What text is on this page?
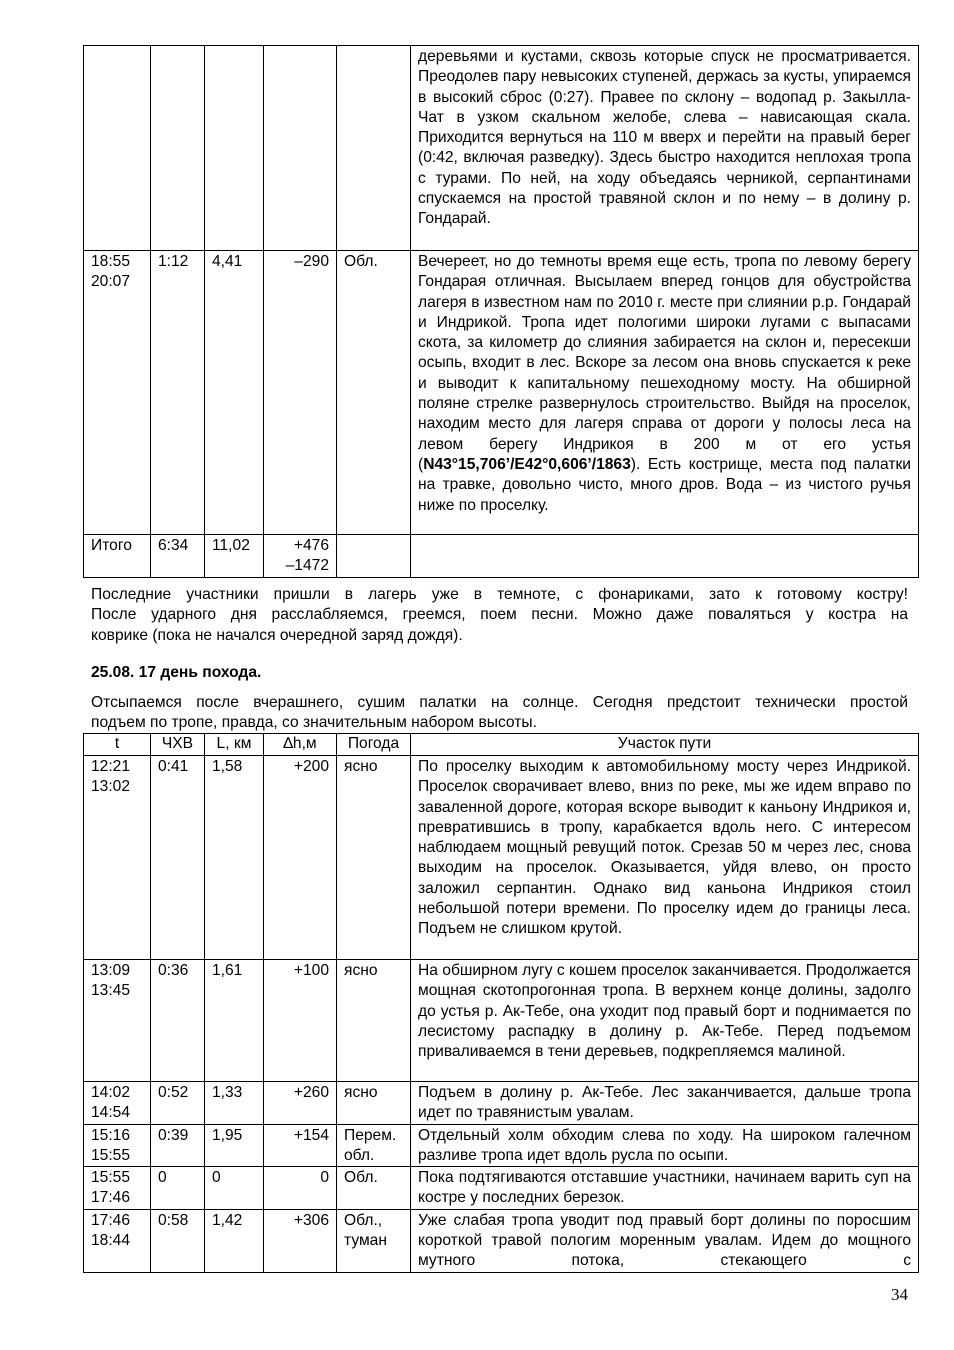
					деревьями и кустами, сквозь которые спуск не просматривается. Преодолев пару невысоких ступеней, держась за кусты, упираемся в высокий сброс (0:27). Правее по склону – водопад р. Закылла-Чат в узком скальном желобе, слева – нависающая скала. Приходится вернуться на 110 м вверх и перейти на правый берег (0:42, включая разведку). Здесь быстро находится неплохая тропа с турами. По ней, на ходу объедаясь черникой, серпантинами спускаемся на простой травяной склон и по нему – в долину р. Гондарай.
18:55
20:07	1:12	4,41	–290	Обл.	Вечереет, но до темноты время еще есть, тропа по левому берегу Гондарая отличная. Высылаем вперед гонцов для обустройства лагеря в известном нам по 2010 г. месте при слиянии р.р. Гондарай и Индрикой. Тропа идет пологими широки лугами с выпасами скота, за километр до слияния забирается на склон и, пересекши осыпь, входит в лес. Вскоре за лесом она вновь спускается к реке и выводит к капитальному пешеходному мосту. На обширной поляне стрелке развернулось строительство. Выйдя на проселок, находим место для лагеря справа от дороги у полосы леса на левом берегу Индрикоя в 200 м от его устья (N43°15,706’/E42°0,606’/1863). Есть кострище, места под палатки на травке, довольно чисто, много дров. Вода – из чистого ручья ниже по проселку.
Итого	6:34	11,02	+476
–1472		
Последние участники пришли в лагерь уже в темноте, с фонариками, зато к готовому костру!
После ударного дня расслабляемся, греемся, поем песни. Можно даже поваляться у костра на
коврике (пока не начался очередной заряд дождя).
25.08. 17 день похода.
Отсыпаемся после вчерашнего, сушим палатки на солнце. Сегодня предстоит технически простой
подъем по тропе, правда, со значительным набором высоты.
t	ЧХВ	L, км	∆h,м	Погода	Участок пути
12:21
13:02	0:41	1,58	+200	ясно	По проселку выходим к автомобильному мосту через Индрикой. Проселок сворачивает влево, вниз по реке, мы же идем вправо по заваленной дороге, которая вскоре выводит к каньону Индрикоя и, превратившись в тропу, карабкается вдоль него. С интересом наблюдаем мощный ревущий поток. Срезав 50 м через лес, снова выходим на проселок. Оказывается, уйдя влево, он просто заложил серпантин. Однако вид каньона Индрикоя стоил небольшой потери времени. По проселку идем до границы леса. Подъем не слишком крутой.
13:09
13:45	0:36	1,61	+100	ясно	На обширном лугу с кошем проселок заканчивается. Продолжается мощная скотопрогонная тропа. В верхнем конце долины, задолго до устья р. Ак-Тебе, она уходит под правый борт и поднимается по лесистому распадку в долину р. Ак-Тебе. Перед подъемом приваливаемся в тени деревьев, подкрепляемся малиной.
14:02
14:54	0:52	1,33	+260	ясно	Подъем в долину р. Ак-Тебе. Лес заканчивается, дальше тропа идет по травянистым увалам.
15:16
15:55	0:39	1,95	+154	Перем.
обл.	Отдельный холм обходим слева по ходу. На широком галечном разливе тропа идет вдоль русла по осыпи.
15:55
17:46	0	0	0	Обл.	Пока подтягиваются отставшие участники, начинаем варить суп на костре у последних березок.
17:46
18:44	0:58	1,42	+306	Обл.,
туман	Уже слабая тропа уводит под правый борт долины по поросшим короткой травой пологим моренным увалам. Идем до мощного мутного потока, стекающего с
34
